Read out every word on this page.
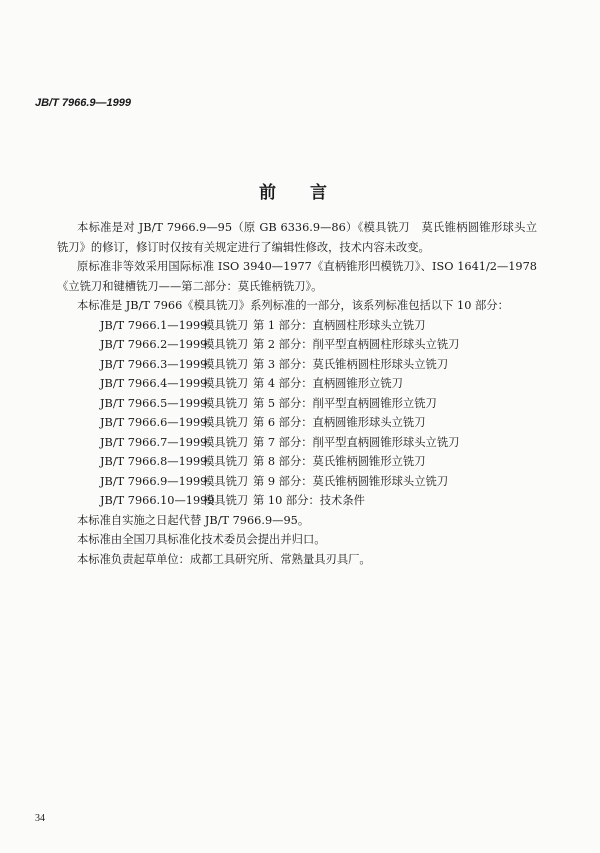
JB/T 7966.9—1999
前 言
本标准是对 JB/T 7966.9—95（原 GB 6336.9—86）《模具铣刀　莫氏锥柄圆锥形球头立铣刀》的修订，修订时仅按有关规定进行了编辑性修改，技术内容未改变。
原标准非等效采用国际标准 ISO 3940—1977《直柄锥形凹模铣刀》、ISO 1641/2—1978《立铣刀和键槽铣刀——第二部分：莫氏锥柄铣刀》。
本标准是 JB/T 7966《模具铣刀》系列标准的一部分，该系列标准包括以下 10 部分：
JB/T 7966.1—1999模具铣刀 第 1 部分：直柄圆柱形球头立铣刀
JB/T 7966.2—1999模具铣刀 第 2 部分：削平型直柄圆柱形球头立铣刀
JB/T 7966.3—1999模具铣刀 第 3 部分：莫氏锥柄圆柱形球头立铣刀
JB/T 7966.4—1999模具铣刀 第 4 部分：直柄圆锥形立铣刀
JB/T 7966.5—1999模具铣刀 第 5 部分：削平型直柄圆锥形立铣刀
JB/T 7966.6—1999模具铣刀 第 6 部分：直柄圆锥形球头立铣刀
JB/T 7966.7—1999模具铣刀 第 7 部分：削平型直柄圆锥形球头立铣刀
JB/T 7966.8—1999模具铣刀 第 8 部分：莫氏锥柄圆锥形立铣刀
JB/T 7966.9—1999模具铣刀 第 9 部分：莫氏锥柄圆锥形球头立铣刀
JB/T 7966.10—1999模具铣刀 第 10 部分：技术条件
本标准自实施之日起代替 JB/T 7966.9—95。
本标准由全国刀具标准化技术委员会提出并归口。
本标准负责起草单位：成都工具研究所、常熟量具刃具厂。
34
